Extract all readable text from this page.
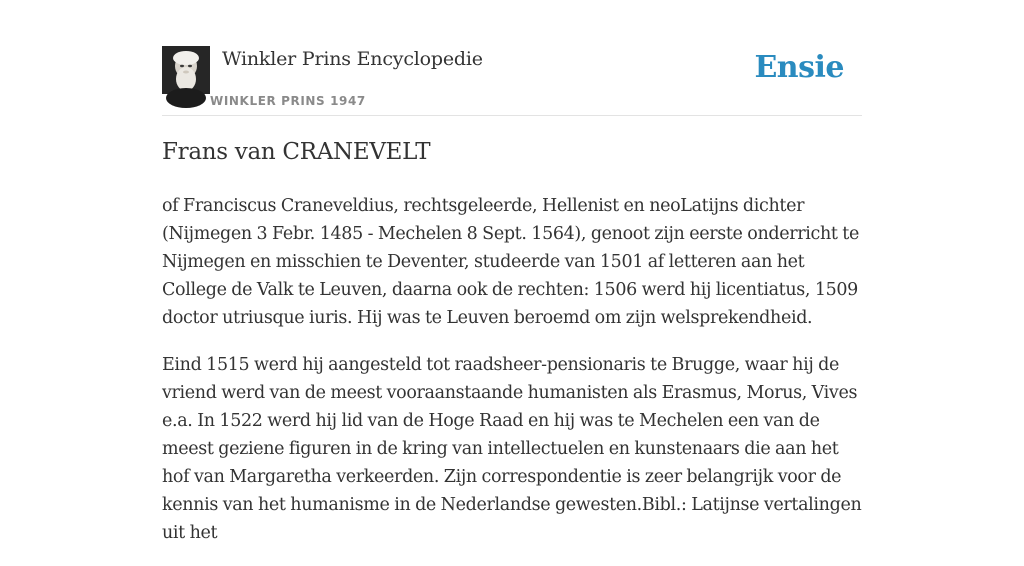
Winkler Prins Encyclopedie
WINKLER PRINS 1947
Ensie
Frans van CRANEVELT

of Franciscus Craneveldius, rechtsgeleerde, Hellenist en neoLatijns dichter (Nijmegen 3 Febr. 1485 - Mechelen 8 Sept. 1564), genoot zijn eerste onderricht te Nijmegen en misschien te Deventer, studeerde van 1501 af letteren aan het College de Valk te Leuven, daarna ook de rechten: 1506 werd hij licentiatus, 1509 doctor utriusque iuris. Hij was te Leuven beroemd om zijn welsprekendheid.

Eind 1515 werd hij aangesteld tot raadsheer-pensionaris te Brugge, waar hij de vriend werd van de meest vooraanstaande humanisten als Erasmus, Morus, Vives e.a. In 1522 werd hij lid van de Hoge Raad en hij was te Mechelen een van de meest geziene figuren in de kring van intellectuelen en kunstenaars die aan het hof van Margaretha verkeerden. Zijn correspondentie is zeer belangrijk voor de kennis van het humanisme in de Nederlandse gewesten.Bibl.: Latijnse vertalingen uit het
